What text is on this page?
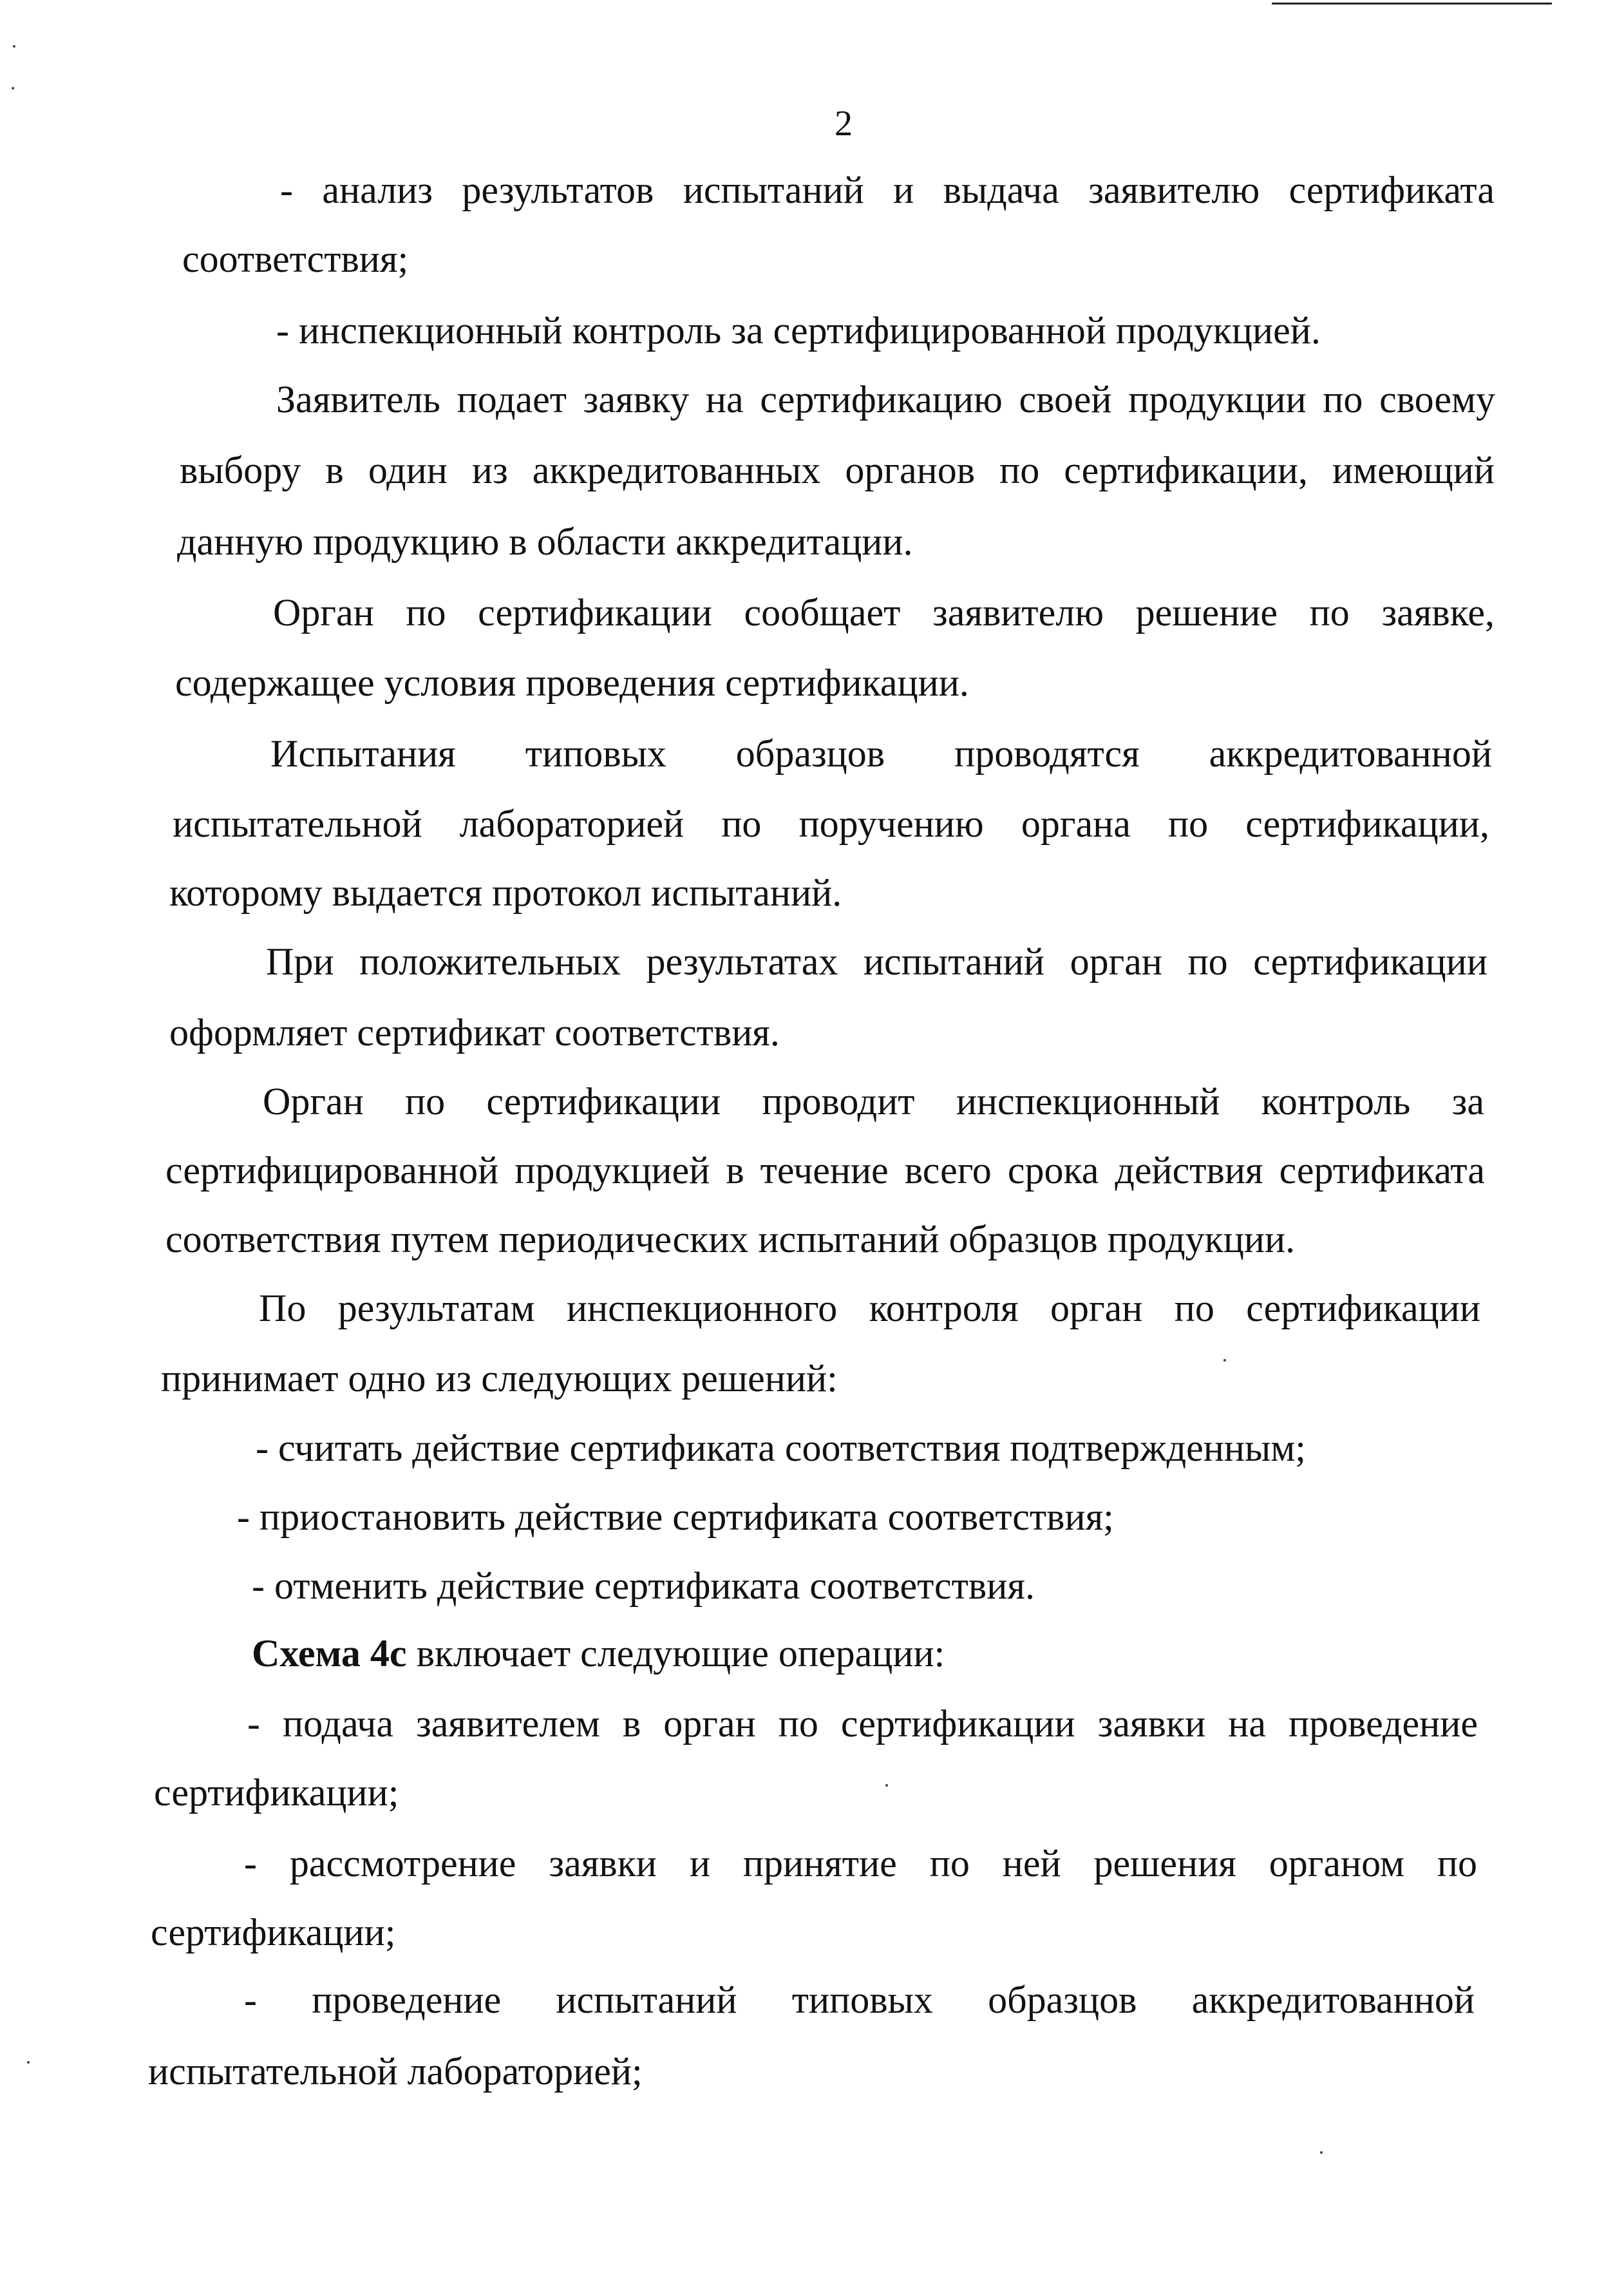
2
- анализ результатов испытаний и выдача заявителю сертификата
соответствия;
- инспекционный контроль за сертифицированной продукцией.
Заявитель подает заявку на сертификацию своей продукции по своему
выбору в один из аккредитованных органов по сертификации, имеющий
данную продукцию в области аккредитации.
Орган по сертификации сообщает заявителю решение по заявке,
содержащее условия проведения сертификации.
Испытания типовых образцов проводятся аккредитованной
испытательной лабораторией по поручению органа по сертификации,
которому выдается протокол испытаний.
При положительных результатах испытаний орган по сертификации
оформляет сертификат соответствия.
Орган по сертификации проводит инспекционный контроль за
сертифицированной продукцией в течение всего срока действия сертификата
соответствия путем периодических испытаний образцов продукции.
По результатам инспекционного контроля орган по сертификации
принимает одно из следующих решений:
- считать действие сертификата соответствия подтвержденным;
- приостановить действие сертификата соответствия;
- отменить действие сертификата соответствия.
Схема 4с включает следующие операции:
- подача заявителем в орган по сертификации заявки на проведение
сертификации;
- рассмотрение заявки и принятие по ней решения органом по
сертификации;
- проведение испытаний типовых образцов аккредитованной
испытательной лабораторией;
